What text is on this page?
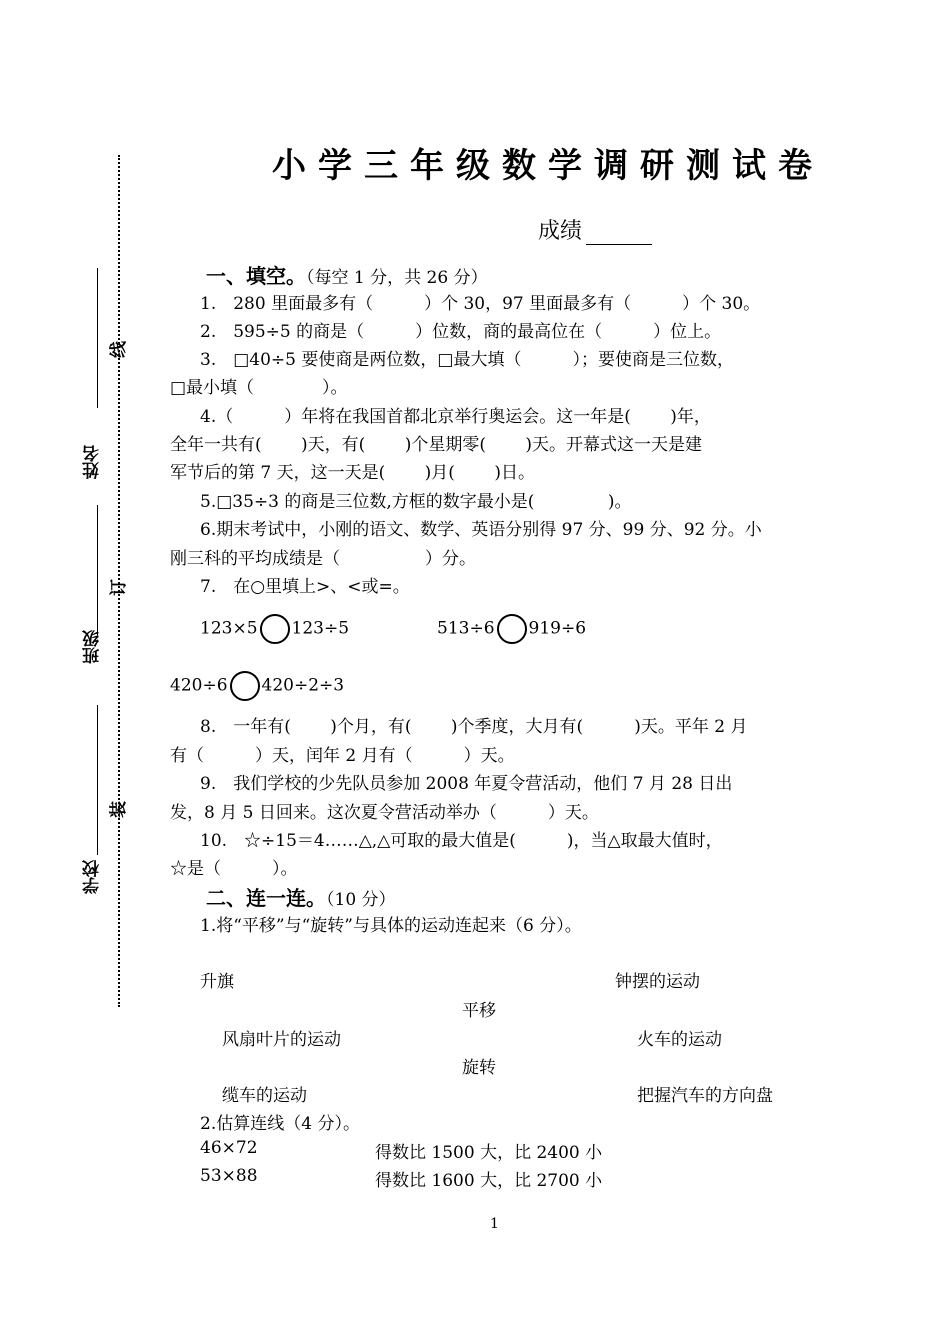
姓名
班级
学校
线
订
装
小学三年级数学调研测试卷
成绩
一、填空。（每空 1 分，共 26 分）
1.　280 里面最多有（　　　）个 30，97 里面最多有（　　　）个 30。
2.　595÷5 的商是（　　　）位数，商的最高位在（　　　）位上。
3.　□40÷5 要使商是两位数，□最大填（　　　）；要使商是三位数，
□最小填（　　　　）。
4.（　　　）年将在我国首都北京举行奥运会。这一年是(　　 )年，
全年一共有(　　 )天，有(　　 )个星期零(　　 )天。开幕式这一天是建
军节后的第 7 天，这一天是(　　 )月(　　 )日。
5.□35÷3 的商是三位数,方框的数字最小是(　　　　 )。
6.期末考试中，小刚的语文、数学、英语分别得 97 分、99 分、92 分。小
刚三科的平均成绩是（　　　　　）分。
7.　在○里填上>、<或=。
123×5 123÷5	513÷6 919÷6
420÷6 420÷2÷3
8.　一年有(　　 )个月，有(　　 )个季度，大月有(　　　)天。平年 2 月
有（　　　）天，闰年 2 月有（　　　）天。
9.　我们学校的少先队员参加 2008 年夏令营活动，他们 7 月 28 日出
发，8 月 5 日回来。这次夏令营活动举办（　　　）天。
10.　☆÷15＝4……△,△可取的最大值是(　　　)，当△取最大值时，
☆是（　　　）。
二、连一连。（10 分）
1.将“平移”与“旋转”与具体的运动连起来（6 分）。
升旗
风扇叶片的运动
缆车的运动
平移
旋转
钟摆的运动
火车的运动
把握汽车的方向盘
2.估算连线（4 分）。
46×72	得数比 1500 大，比 2400 小
53×88	得数比 1600 大，比 2700 小
1
